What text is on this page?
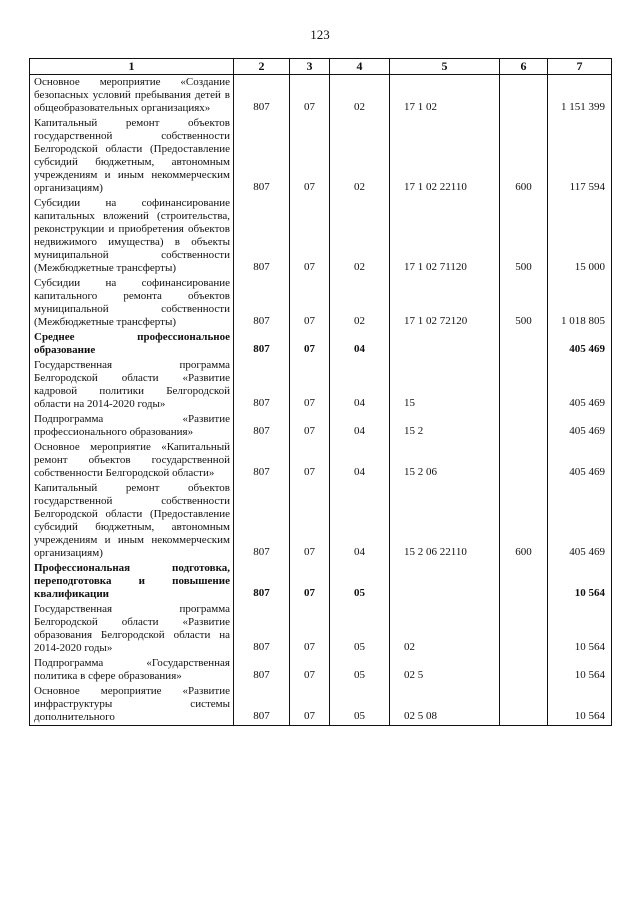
123
1	2	3	4	5	6	7
Основное мероприятие «Создание безопасных условий пребывания детей в общеобразовательных организациях»	807	07	02	17 1 02		1 151 399
Капитальный ремонт объектов государственной собственности Белгородской области (Предоставление субсидий бюджетным, автономным учреждениям и иным некоммерческим организациям)	807	07	02	17 1 02 22110	600	117 594
Субсидии на софинансирование капитальных вложений (строительства, реконструкции и приобретения объектов недвижимого имущества) в объекты муниципальной собственности (Межбюджетные трансферты)	807	07	02	17 1 02 71120	500	15 000
Субсидии на софинансирование капитального ремонта объектов муниципальной собственности (Межбюджетные трансферты)	807	07	02	17 1 02 72120	500	1 018 805
Среднее профессиональное образование	807	07	04			405 469
Государственная программа Белгородской области «Развитие кадровой политики Белгородской области на 2014-2020 годы»	807	07	04	15		405 469
Подпрограмма «Развитие профессионального образования»	807	07	04	15 2		405 469
Основное мероприятие «Капитальный ремонт объектов государственной собственности Белгородской области»	807	07	04	15 2 06		405 469
Капитальный ремонт объектов государственной собственности Белгородской области (Предоставление субсидий бюджетным, автономным учреждениям и иным некоммерческим организациям)	807	07	04	15 2 06 22110	600	405 469
Профессиональная подготовка, переподготовка и повышение квалификации	807	07	05			10 564
Государственная программа Белгородской области «Развитие образования Белгородской области на 2014-2020 годы»	807	07	05	02		10 564
Подпрограмма «Государственная политика в сфере образования»	807	07	05	02 5		10 564
Основное мероприятие «Развитие инфраструктуры системы дополнительного	807	07	05	02 5 08		10 564
